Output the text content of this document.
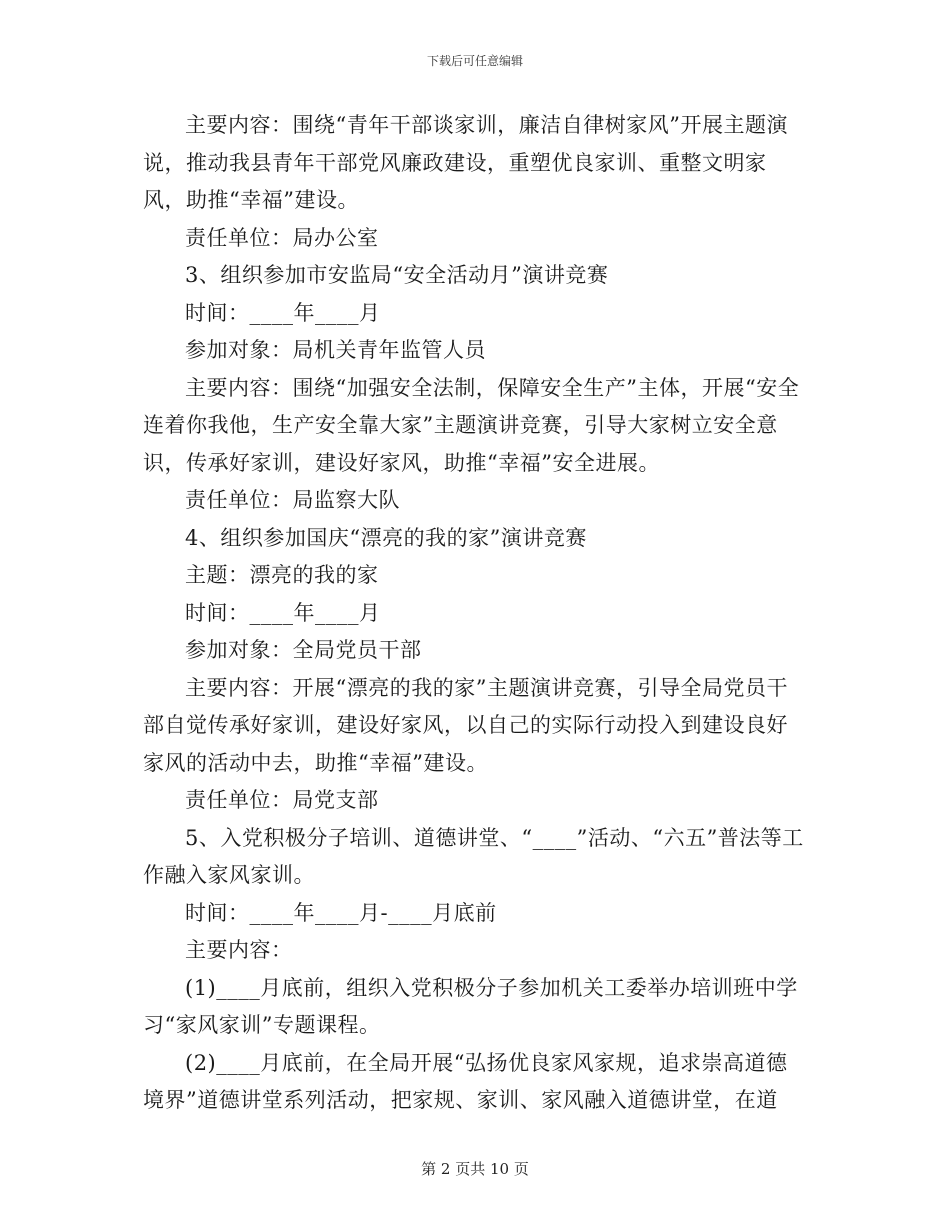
下载后可任意编辑

主要内容：围绕“青年干部谈家训，廉洁自律树家风”开展主题演说，推动我县青年干部党风廉政建设，重塑优良家训、重整文明家风，助推“幸福”建设。

责任单位：局办公室

3、组织参加市安监局“安全活动月”演讲竞赛

时间：____年____月

参加对象：局机关青年监管人员

主要内容：围绕“加强安全法制，保障安全生产”主体，开展“安全连着你我他，生产安全靠大家”主题演讲竞赛，引导大家树立安全意识，传承好家训，建设好家风，助推“幸福”安全进展。

责任单位：局监察大队

4、组织参加国庆“漂亮的我的家”演讲竞赛

主题：漂亮的我的家

时间：____年____月

参加对象：全局党员干部

主要内容：开展“漂亮的我的家”主题演讲竞赛，引导全局党员干部自觉传承好家训，建设好家风，以自己的实际行动投入到建设良好家风的活动中去，助推“幸福”建设。

责任单位：局党支部

5、入党积极分子培训、道德讲堂、“____”活动、“六五”普法等工作融入家风家训。

时间：____年____月-____月底前

主要内容：

(1)____月底前，组织入党积极分子参加机关工委举办培训班中学习“家风家训”专题课程。

(2)____月底前，在全局开展“弘扬优良家风家规，追求崇高道德境界”道德讲堂系列活动，把家规、家训、家风融入道德讲堂，在道

第 2 页共 10 页
